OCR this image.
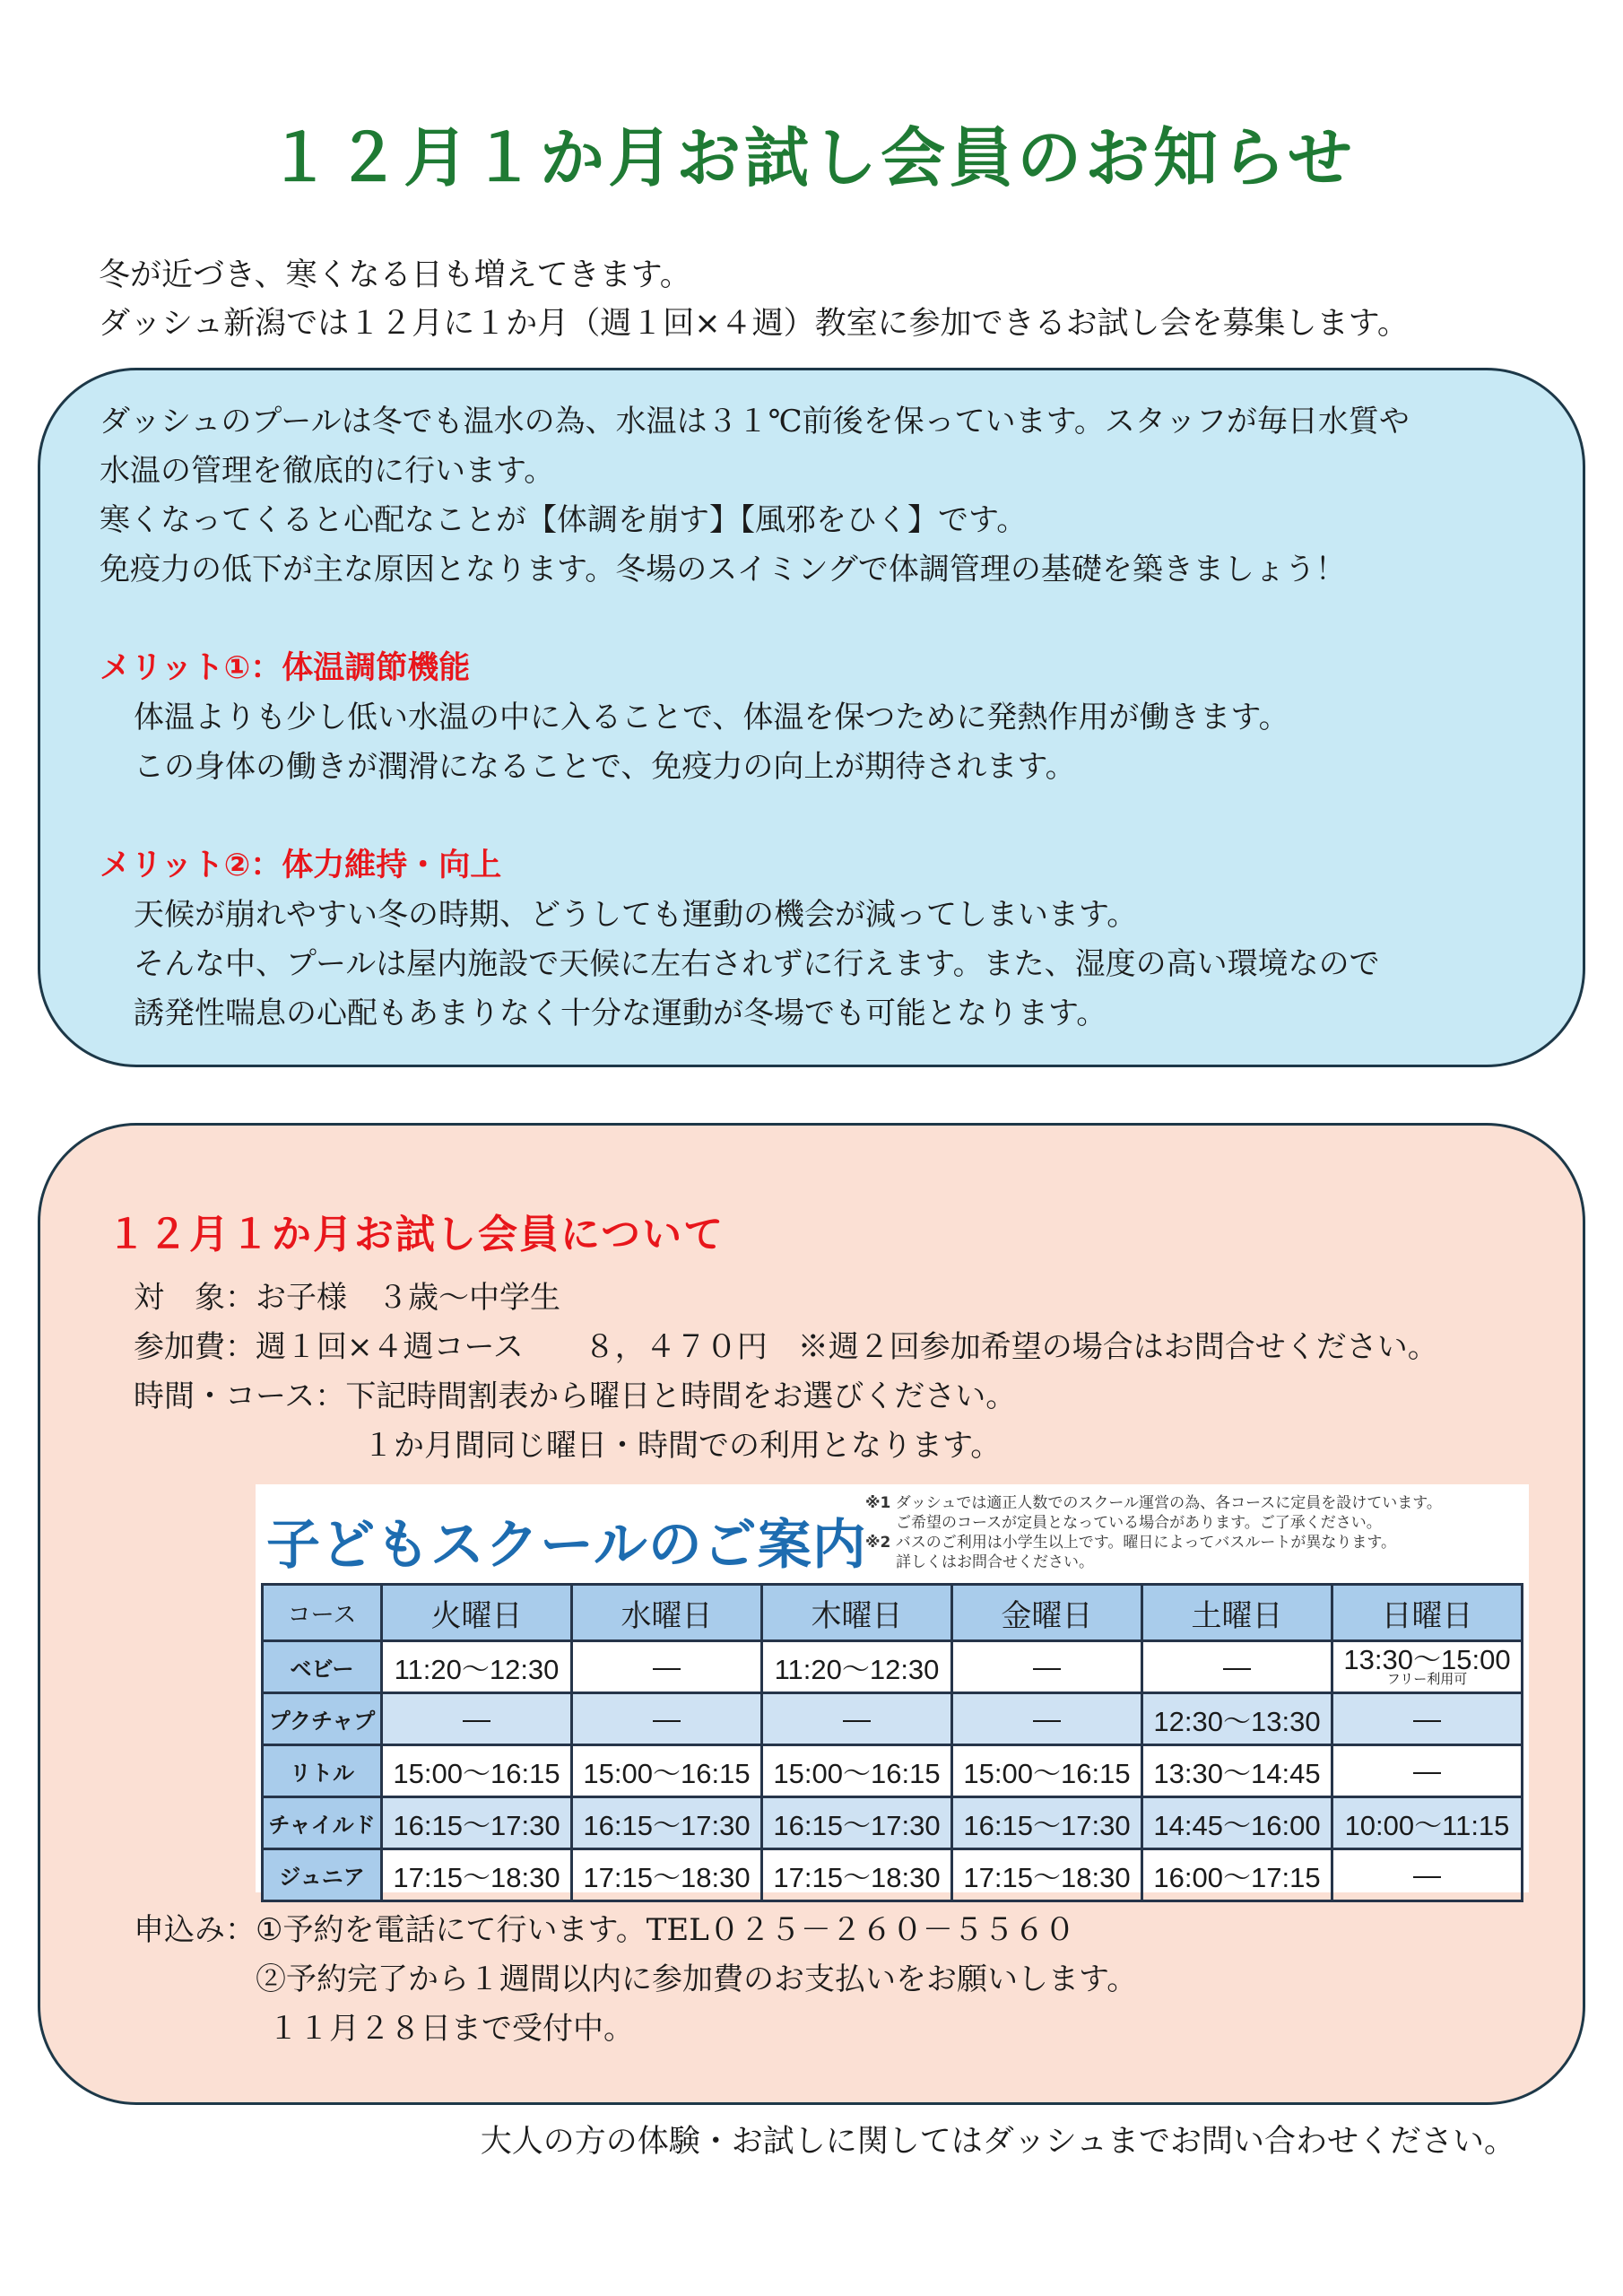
１２月１か月お試し会員のお知らせ
冬が近づき、寒くなる日も増えてきます。
ダッシュ新潟では１２月に１か月（週１回×４週）教室に参加できるお試し会を募集します。
ダッシュのプールは冬でも温水の為、水温は３１℃前後を保っています。スタッフが毎日水質や
水温の管理を徹底的に行います。
寒くなってくると心配なことが【体調を崩す】【風邪をひく】です。
免疫力の低下が主な原因となります。冬場のスイミングで体調管理の基礎を築きましょう！
メリット①：体温調節機能
体温よりも少し低い水温の中に入ることで、体温を保つために発熱作用が働きます。
この身体の働きが潤滑になることで、免疫力の向上が期待されます。
メリット②：体力維持・向上
天候が崩れやすい冬の時期、どうしても運動の機会が減ってしまいます。
そんな中、プールは屋内施設で天候に左右されずに行えます。また、湿度の高い環境なので
誘発性喘息の心配もあまりなく十分な運動が冬場でも可能となります。
１２月１か月お試し会員について
対　象：お子様　３歳～中学生
参加費：週１回×４週コース　　８，４７０円　※週２回参加希望の場合はお問合せください。
時間・コース：下記時間割表から曜日と時間をお選びください。
１か月間同じ曜日・時間での利用となります。
子どもスクールのご案内
※1 ダッシュでは適正人数でのスクール運営の為、各コースに定員を設けています。
ご希望のコースが定員となっている場合があります。ご了承ください。
※2 バスのご利用は小学生以上です。曜日によってバスルートが異なります。
詳しくはお問合せください。
コース	火曜日	水曜日	木曜日	金曜日	土曜日	日曜日
ベビー	11:20～12:30	—	11:20～12:30	—	—	13:30～15:00
フリー利用可

プクチャプ	—	—	—	—	12:30～13:30	—
リトル	15:00～16:15	15:00～16:15	15:00～16:15	15:00～16:15	13:30～14:45	—
チャイルド	16:15～17:30	16:15～17:30	16:15～17:30	16:15～17:30	14:45～16:00	10:00～11:15
ジュニア	17:15～18:30	17:15～18:30	17:15～18:30	17:15～18:30	16:00～17:15	—
申込み：①予約を電話にて行います。TEL０２５－２６０－５５６０
②予約完了から１週間以内に参加費のお支払いをお願いします。
１１月２８日まで受付中。
大人の方の体験・お試しに関してはダッシュまでお問い合わせください。
